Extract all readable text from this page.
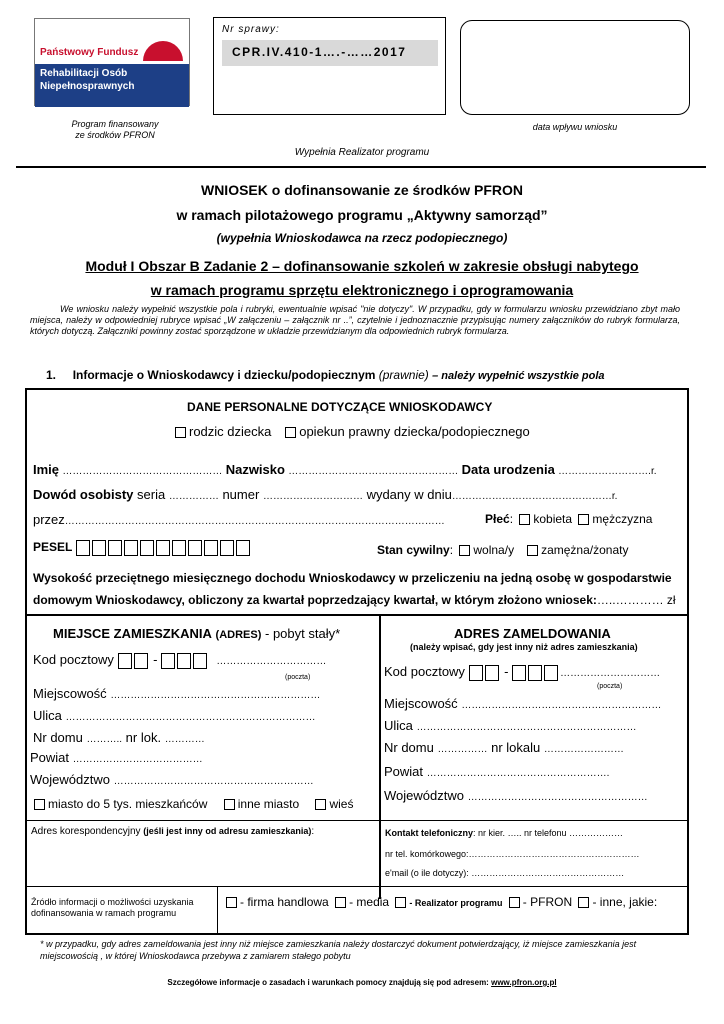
Państwowy Fundusz
Rehabilitacji Osób
Niepełnosprawnych
Program finansowany
ze środków PFRON
Nr sprawy:
CPR.IV.410-1….-……2017
data wpływu wniosku
Wypełnia Realizator programu
WNIOSEK o dofinansowanie ze środków PFRON
w ramach pilotażowego programu „Aktywny samorząd”
(wypełnia Wnioskodawca na rzecz podopiecznego)
Moduł I Obszar B Zadanie 2 – dofinansowanie szkoleń w zakresie obsługi nabytego
w ramach programu sprzętu elektronicznego i oprogramowania
We wniosku należy wypełnić wszystkie pola i rubryki, ewentualnie wpisać "nie dotyczy". W przypadku, gdy w formularzu wniosku przewidziano zbyt mało miejsca, należy w odpowiedniej rubryce wpisać „W załączeniu – załącznik nr ..”, czytelnie i jednoznacznie przypisując numery załączników do rubryk formularza, których dotyczą. Załączniki powinny zostać sporządzone w układzie przewidzianym dla odpowiednich rubryk formularza.
1. Informacje o Wnioskodawcy i dziecku/podopiecznym (prawnie) – należy wypełnić wszystkie pola
DANE PERSONALNE DOTYCZĄCE WNIOSKODAWCY
rodzic dziecka opiekun prawny dziecka/podopiecznego
Imię ………………………………………… Nazwisko …………………………………………… Data urodzenia ……………………….r.
Dowód osobisty seria …………… numer ………………………… wydany w dniu…………………………………………r.
przez……………………………………………………………………………………………………	Płeć: kobieta mężczyzna
PESEL	Stan cywilny: wolna/y zamężna/żonaty
Wysokość przeciętnego miesięcznego dochodu Wnioskodawcy w przeliczeniu na jedną osobę w gospodarstwie
domowym Wnioskodawcy, obliczony za kwartał poprzedzający kwartał, w którym złożono wniosek:…..………… zł
MIEJSCE ZAMIESZKANIA (ADRES) - pobyt stały*
Kod pocztowy	-	……………………………
(poczta)
Miejscowość ………………………………………………………
Ulica …………………………………………………………………
Nr domu ……….. nr lok. …………
Powiat …………………………………
Województwo ……………………………………………………
miasto do 5 tys. mieszkańców	inne miasto	wieś
ADRES ZAMELDOWANIA
(należy wpisać, gdy jest inny niż adres zamieszkania)
Kod pocztowy	-	…………………………
(poczta)
Miejscowość ……………………………………………………
Ulica …………………………………………………………
Nr domu …………… nr lokalu ……………………
Powiat ……………………………………………….
Województwo ………………………………………………
Adres korespondencyjny (jeśli jest inny od adresu zamieszkania):	Kontakt telefoniczny: nr kier. ….. nr telefonu ………………
nr tel. komórkowego:…………………………………………………
e'mail (o ile dotyczy): ……………………………………………
Źródło informacji o możliwości uzyskania dofinansowania w ramach programu
- firma handlowa - media - Realizator programu - PFRON - inne, jakie:
* w przypadku, gdy adres zameldowania jest inny niż miejsce zamieszkania należy dostarczyć dokument potwierdzający, iż miejsce zamieszkania jest miejscowością , w której Wnioskodawca przebywa z zamiarem stałego pobytu
Szczegółowe informacje o zasadach i warunkach pomocy znajdują się pod adresem: www.pfron.org.pl
